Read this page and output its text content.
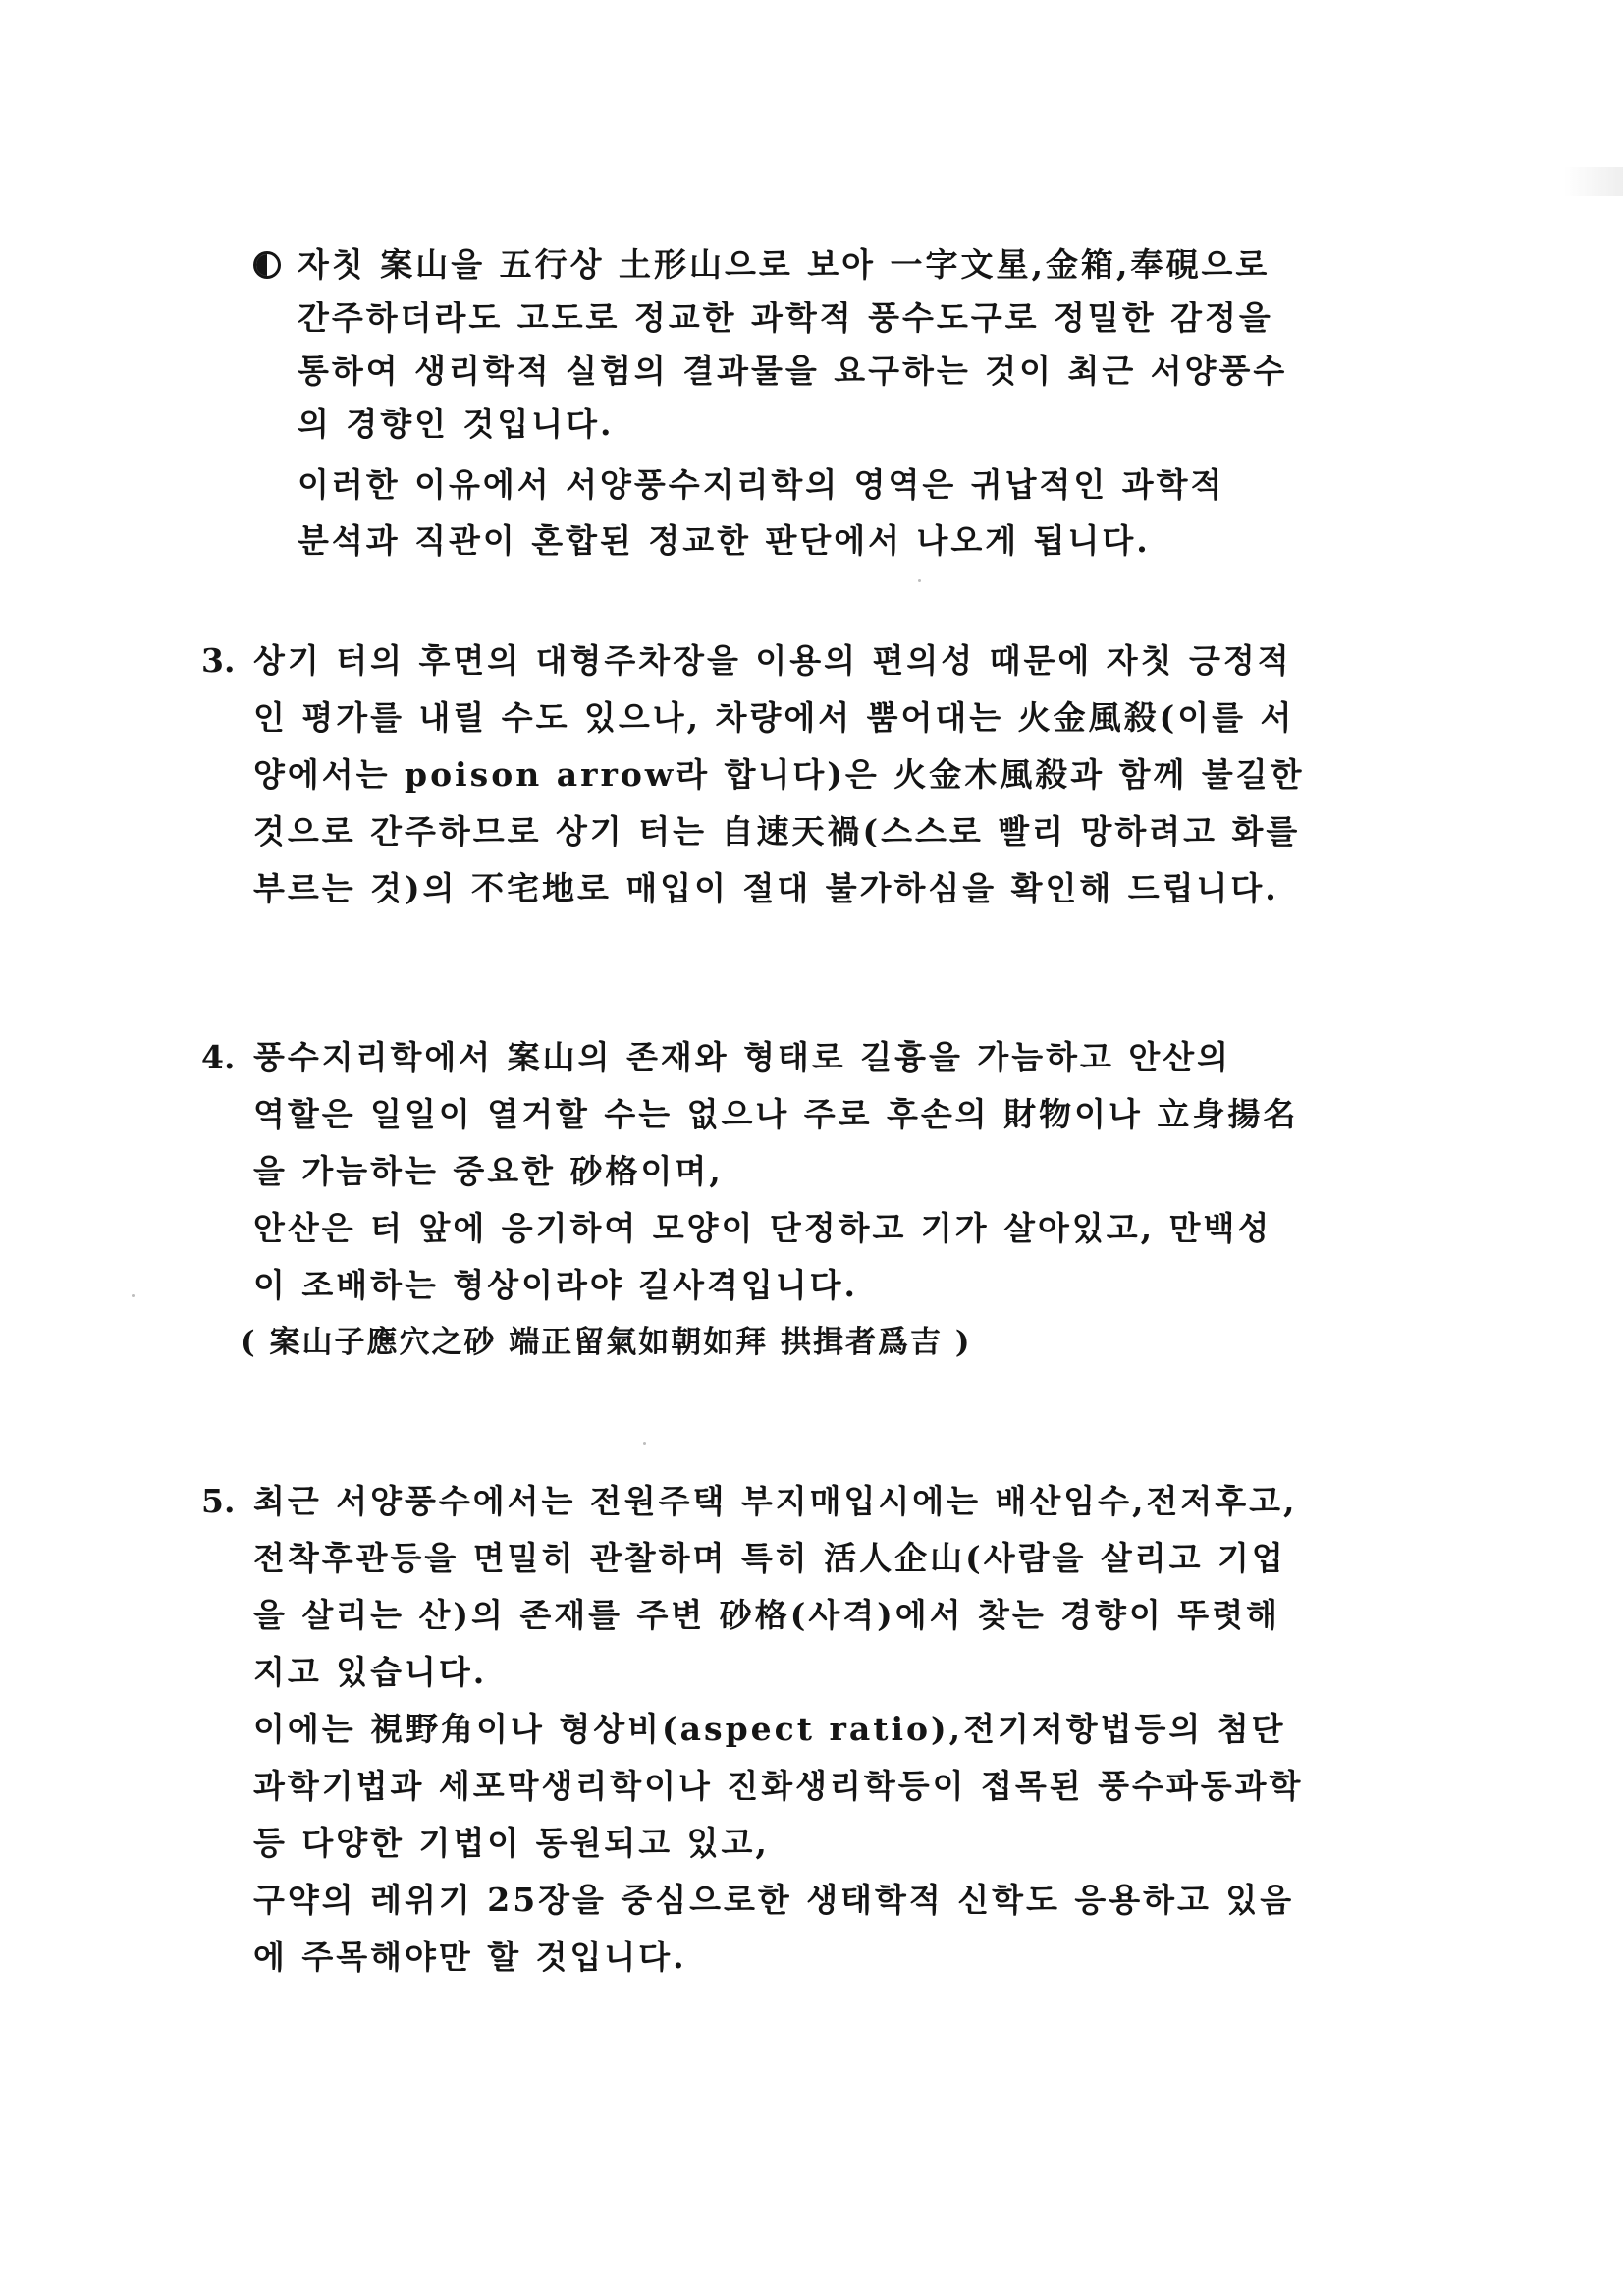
자칫 案山을 五行상 土形山으로 보아 一字文星,金箱,奉硯으로
간주하더라도 고도로 정교한 과학적 풍수도구로 정밀한 감정을
통하여 생리학적 실험의 결과물을 요구하는 것이 최근 서양풍수
의 경향인 것입니다.
이러한 이유에서 서양풍수지리학의 영역은 귀납적인 과학적
분석과 직관이 혼합된 정교한 판단에서 나오게 됩니다.
3. 상기 터의 후면의 대형주차장을 이용의 편의성 때문에 자칫 긍정적
인 평가를 내릴 수도 있으나, 차량에서 뿜어대는 火金風殺(이를 서
양에서는 poison arrow라 합니다)은 火金木風殺과 함께 불길한
것으로 간주하므로 상기 터는 自速天禍(스스로 빨리 망하려고 화를
부르는 것)의 不宅地로 매입이 절대 불가하심을 확인해 드립니다.
4. 풍수지리학에서 案山의 존재와 형태로 길흉을 가늠하고 안산의
역할은 일일이 열거할 수는 없으나 주로 후손의 財物이나 立身揚名
을 가늠하는 중요한 砂格이며,
안산은 터 앞에 응기하여 모양이 단정하고 기가 살아있고, 만백성
이 조배하는 형상이라야 길사격입니다.
( 案山子應穴之砂 端正留氣如朝如拜 拱揖者爲吉 )
5. 최근 서양풍수에서는 전원주택 부지매입시에는 배산임수,전저후고,
전착후관등을 면밀히 관찰하며 특히 活人企山(사람을 살리고 기업
을 살리는 산)의 존재를 주변 砂格(사격)에서 찾는 경향이 뚜렷해
지고 있습니다.
이에는 視野角이나 형상비(aspect ratio),전기저항법등의 첨단
과학기법과 세포막생리학이나 진화생리학등이 접목된 풍수파동과학
등 다양한 기법이 동원되고 있고,
구약의 레위기 25장을 중심으로한 생태학적 신학도 응용하고 있음
에 주목해야만 할 것입니다.
